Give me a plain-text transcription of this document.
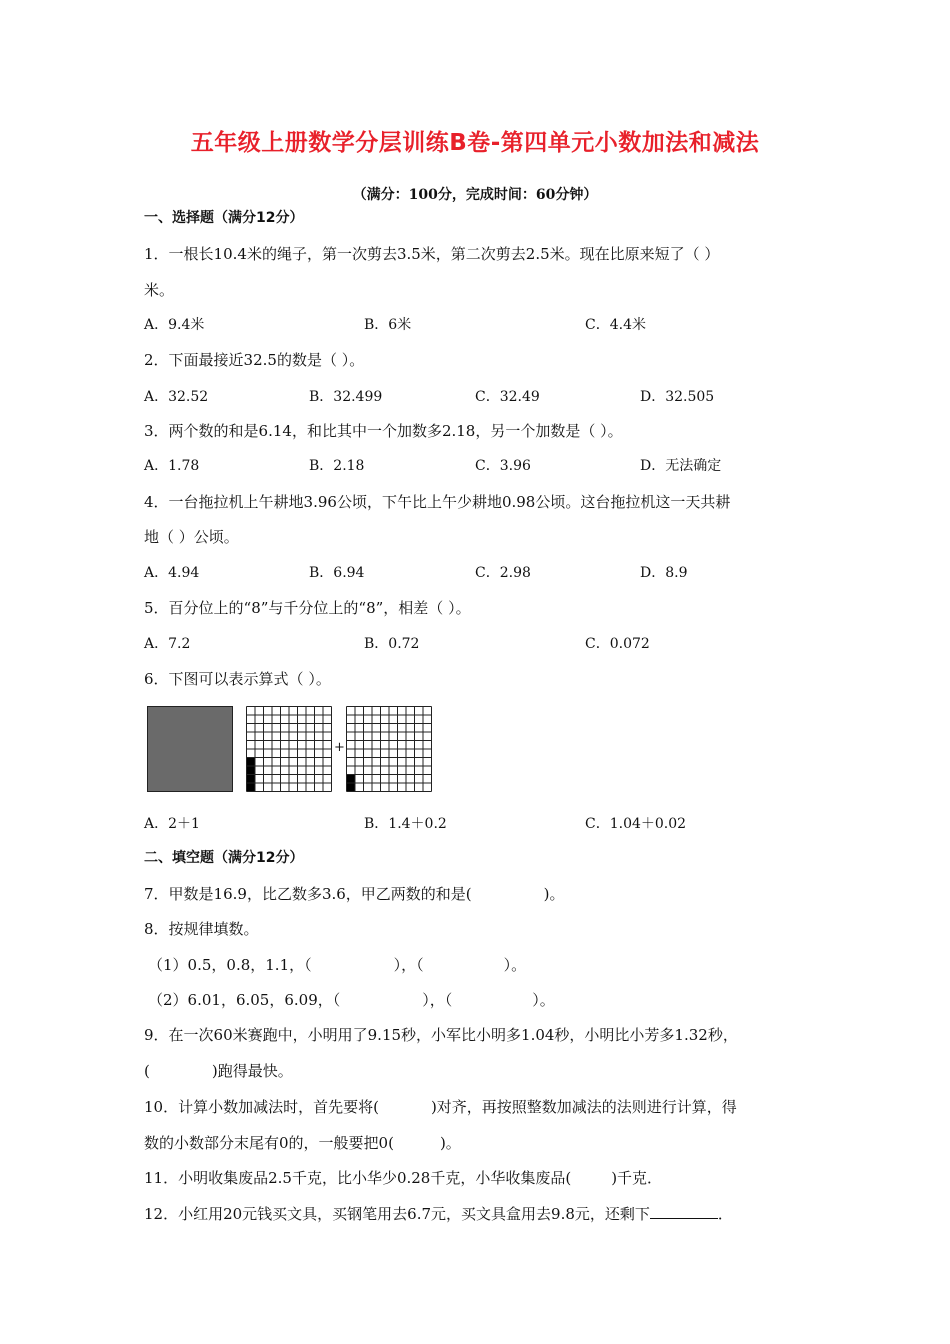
五年级上册数学分层训练B卷-第四单元小数加法和减法
（满分：100分，完成时间：60分钟）
一、选择题（满分12分）
1．一根长10.4米的绳子，第一次剪去3.5米，第二次剪去2.5米。现在比原来短了（ ）
米。
A．9.4米	B．6米	C．4.4米
2．下面最接近32.5的数是（ ）。
A．32.52	B．32.499	C．32.49	D．32.505
3．两个数的和是6.14，和比其中一个加数多2.18，另一个加数是（ ）。
A．1.78	B．2.18	C．3.96	D．无法确定
4．一台拖拉机上午耕地3.96公顷，下午比上午少耕地0.98公顷。这台拖拉机这一天共耕
地（ ）公顷。
A．4.94	B．6.94	C．2.98	D．8.9
5．百分位上的“8”与千分位上的“8”，相差（ ）。
A．7.2	B．0.72	C．0.072
6．下图可以表示算式（ ）。
+
A．2＋1	B．1.4＋0.2	C．1.04＋0.02
二、填空题（满分12分）
7．甲数是16.9，比乙数多3.6，甲乙两数的和是(	)。
8．按规律填数。
（1）0.5，0.8，1.1，（	），（	）。
（2）6.01，6.05，6.09，（	），（	）。
9．在一次60米赛跑中，小明用了9.15秒，小军比小明多1.04秒，小明比小芳多1.32秒，
(	)跑得最快。
10．计算小数加减法时，首先要将(	)对齐，再按照整数加减法的法则进行计算，得
数的小数部分末尾有0的，一般要把0(	)。
11．小明收集废品2.5千克，比小华少0.28千克，小华收集废品(	)千克．
12．小红用20元钱买文具，买钢笔用去6.7元，买文具盒用去9.8元，还剩下	．
